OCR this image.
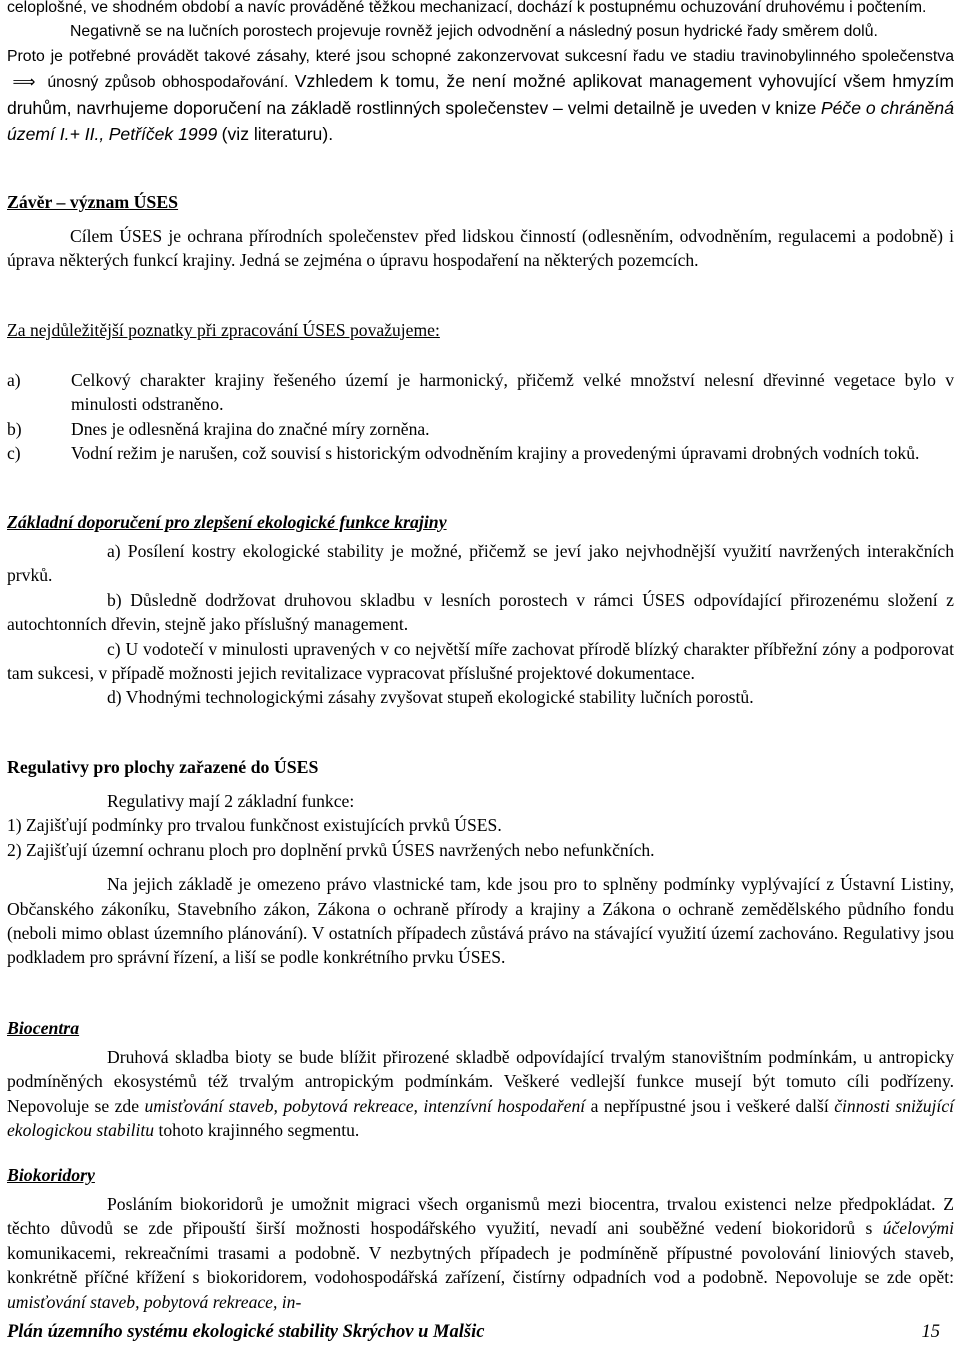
celoplošné, ve shodném období a navíc prováděné těžkou mechanizací, dochází k postupnému ochuzování druhovému i počtením.

Negativně se na lučních porostech projevuje rovněž jejich odvodnění a následný posun hydrické řady směrem dolů.

Proto je potřebné provádět takové zásahy, které jsou schopné zakonzervovat sukcesní řadu ve stadiu travinobylinného společenstva ⟹ únosný způsob obhospodařování. Vzhledem k tomu, že není možné aplikovat management vyhovující všem hmyzím druhům, navrhujeme doporučení na základě rostlinných společenstev – velmi detailně je uveden v knize Péče o chráněná území I.+ II., Petříček 1999 (viz literaturu).

Závěr – význam ÚSES

Cílem ÚSES je ochrana přírodních společenstev před lidskou činností (odlesněním, odvodněním, regulacemi a podobně) i úprava některých funkcí krajiny. Jedná se zejména o úpravu hospodaření na některých pozemcích.

Za nejdůležitější poznatky při zpracování ÚSES považujeme:
a)	Celkový charakter krajiny řešeného území je harmonický, přičemž velké množství nelesní dřevinné vegetace bylo v minulosti odstraněno.
b)	Dnes je odlesněná krajina do značné míry zorněna.
c)	Vodní režim je narušen, což souvisí s historickým odvodněním krajiny a provedenými úpravami drobných vodních toků.
Základní doporučení pro zlepšení ekologické funkce krajiny

a) Posílení kostry ekologické stability je možné, přičemž se jeví jako nejvhodnější využití navržených interakčních prvků.

b) Důsledně dodržovat druhovou skladbu v lesních porostech v rámci ÚSES odpovídající přirozenému složení z autochtonních dřevin, stejně jako příslušný management.

c) U vodotečí v minulosti upravených v co největší míře zachovat přírodě blízký charakter příbřežní zóny a podporovat tam sukcesi, v případě možnosti jejich revitalizace vypracovat příslušné projektové dokumentace.

d) Vhodnými technologickými zásahy zvyšovat stupeň ekologické stability lučních porostů.

Regulativy pro plochy zařazené do ÚSES

Regulativy mají 2 základní funkce:

1) Zajišťují podmínky pro trvalou funkčnost existujících prvků ÚSES.

2) Zajišťují územní ochranu ploch pro doplnění prvků ÚSES navržených nebo nefunkčních.

Na jejich základě je omezeno právo vlastnické tam, kde jsou pro to splněny podmínky vyplývající z Ústavní Listiny, Občanského zákoníku, Stavebního zákon, Zákona o ochraně přírody a krajiny a Zákona o ochraně zemědělského půdního fondu (neboli mimo oblast územního plánování). V ostatních případech zůstává právo na stávající využití území zachováno. Regulativy jsou podkladem pro správní řízení, a liší se podle konkrétního prvku ÚSES.

Biocentra

Druhová skladba bioty se bude blížit přirozené skladbě odpovídající trvalým stanovištním podmínkám, u antropicky podmíněných ekosystémů též trvalým antropickým podmínkám. Veškeré vedlejší funkce musejí být tomuto cíli podřízeny. Nepovoluje se zde umisťování staveb, pobytová rekreace, intenzívní hospodaření a nepřípustné jsou i veškeré další činnosti snižující ekologickou stabilitu tohoto krajinného segmentu.

Biokoridory

Posláním biokoridorů je umožnit migraci všech organismů mezi biocentra, trvalou existenci nelze předpokládat. Z těchto důvodů se zde připouští širší možnosti hospodářského využití, nevadí ani souběžné vedení biokoridorů s účelovými komunikacemi, rekreačními trasami a podobně. V nezbytných případech je podmíněně přípustné povolování liniových staveb, konkrétně příčné křížení s biokoridorem, vodohospodářská zařízení, čistírny odpadních vod a podobně. Nepovoluje se zde opět: umisťování staveb, pobytová rekreace, in-

Plán územního systému ekologické stability Skrýchov u Malšic	15
